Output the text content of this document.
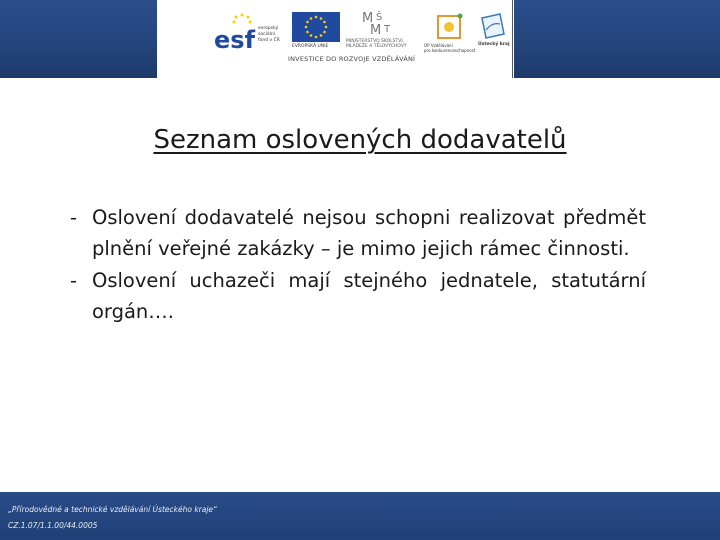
esf evropský
sociální
fond v ČR
EVROPSKÁ UNIE
M Š
M T
MINISTERSTVO ŠKOLSTVÍ,
MLÁDEŽE A TĚLOVÝCHOVY	OP Vzdělávání
pro konkurenceschopnost
Ústecký kraj
INVESTICE DO ROZVOJE VZDĚLÁVÁNÍ
Seznam oslovených dodavatelů
- Oslovení dodavatelé nejsou schopni realizovat předmět plnění veřejné zakázky – je mimo jejich rámec činnosti.
- Oslovení uchazeči mají stejného jednatele, statutární orgán….
„Přírodovědné a technické vzdělávání Ústeckého kraje“
CZ.1.07/1.1.00/44.0005
